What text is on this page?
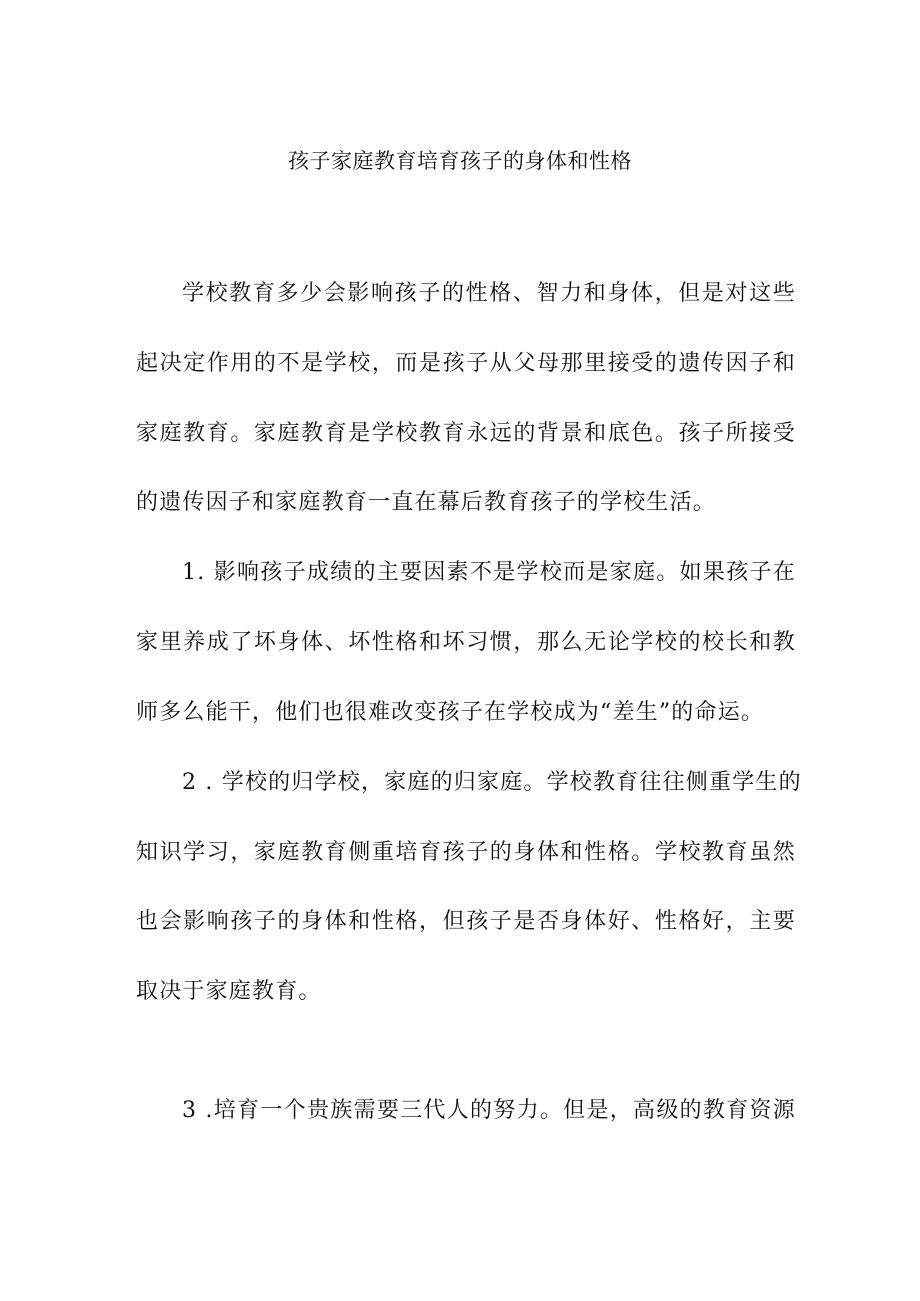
孩子家庭教育培育孩子的身体和性格
学校教育多少会影响孩子的性格、智力和身体，但是对这些
起决定作用的不是学校，而是孩子从父母那里接受的遗传因子和
家庭教育。家庭教育是学校教育永远的背景和底色。孩子所接受
的遗传因子和家庭教育一直在幕后教育孩子的学校生活。
1. 影响孩子成绩的主要因素不是学校而是家庭。如果孩子在
家里养成了坏身体、坏性格和坏习惯，那么无论学校的校长和教
师多么能干，他们也很难改变孩子在学校成为“差生”的命运。
2 . 学校的归学校，家庭的归家庭。学校教育往往侧重学生的
知识学习，家庭教育侧重培育孩子的身体和性格。学校教育虽然
也会影响孩子的身体和性格，但孩子是否身体好、性格好，主要
取决于家庭教育。
3 .培育一个贵族需要三代人的努力。但是，高级的教育资源
